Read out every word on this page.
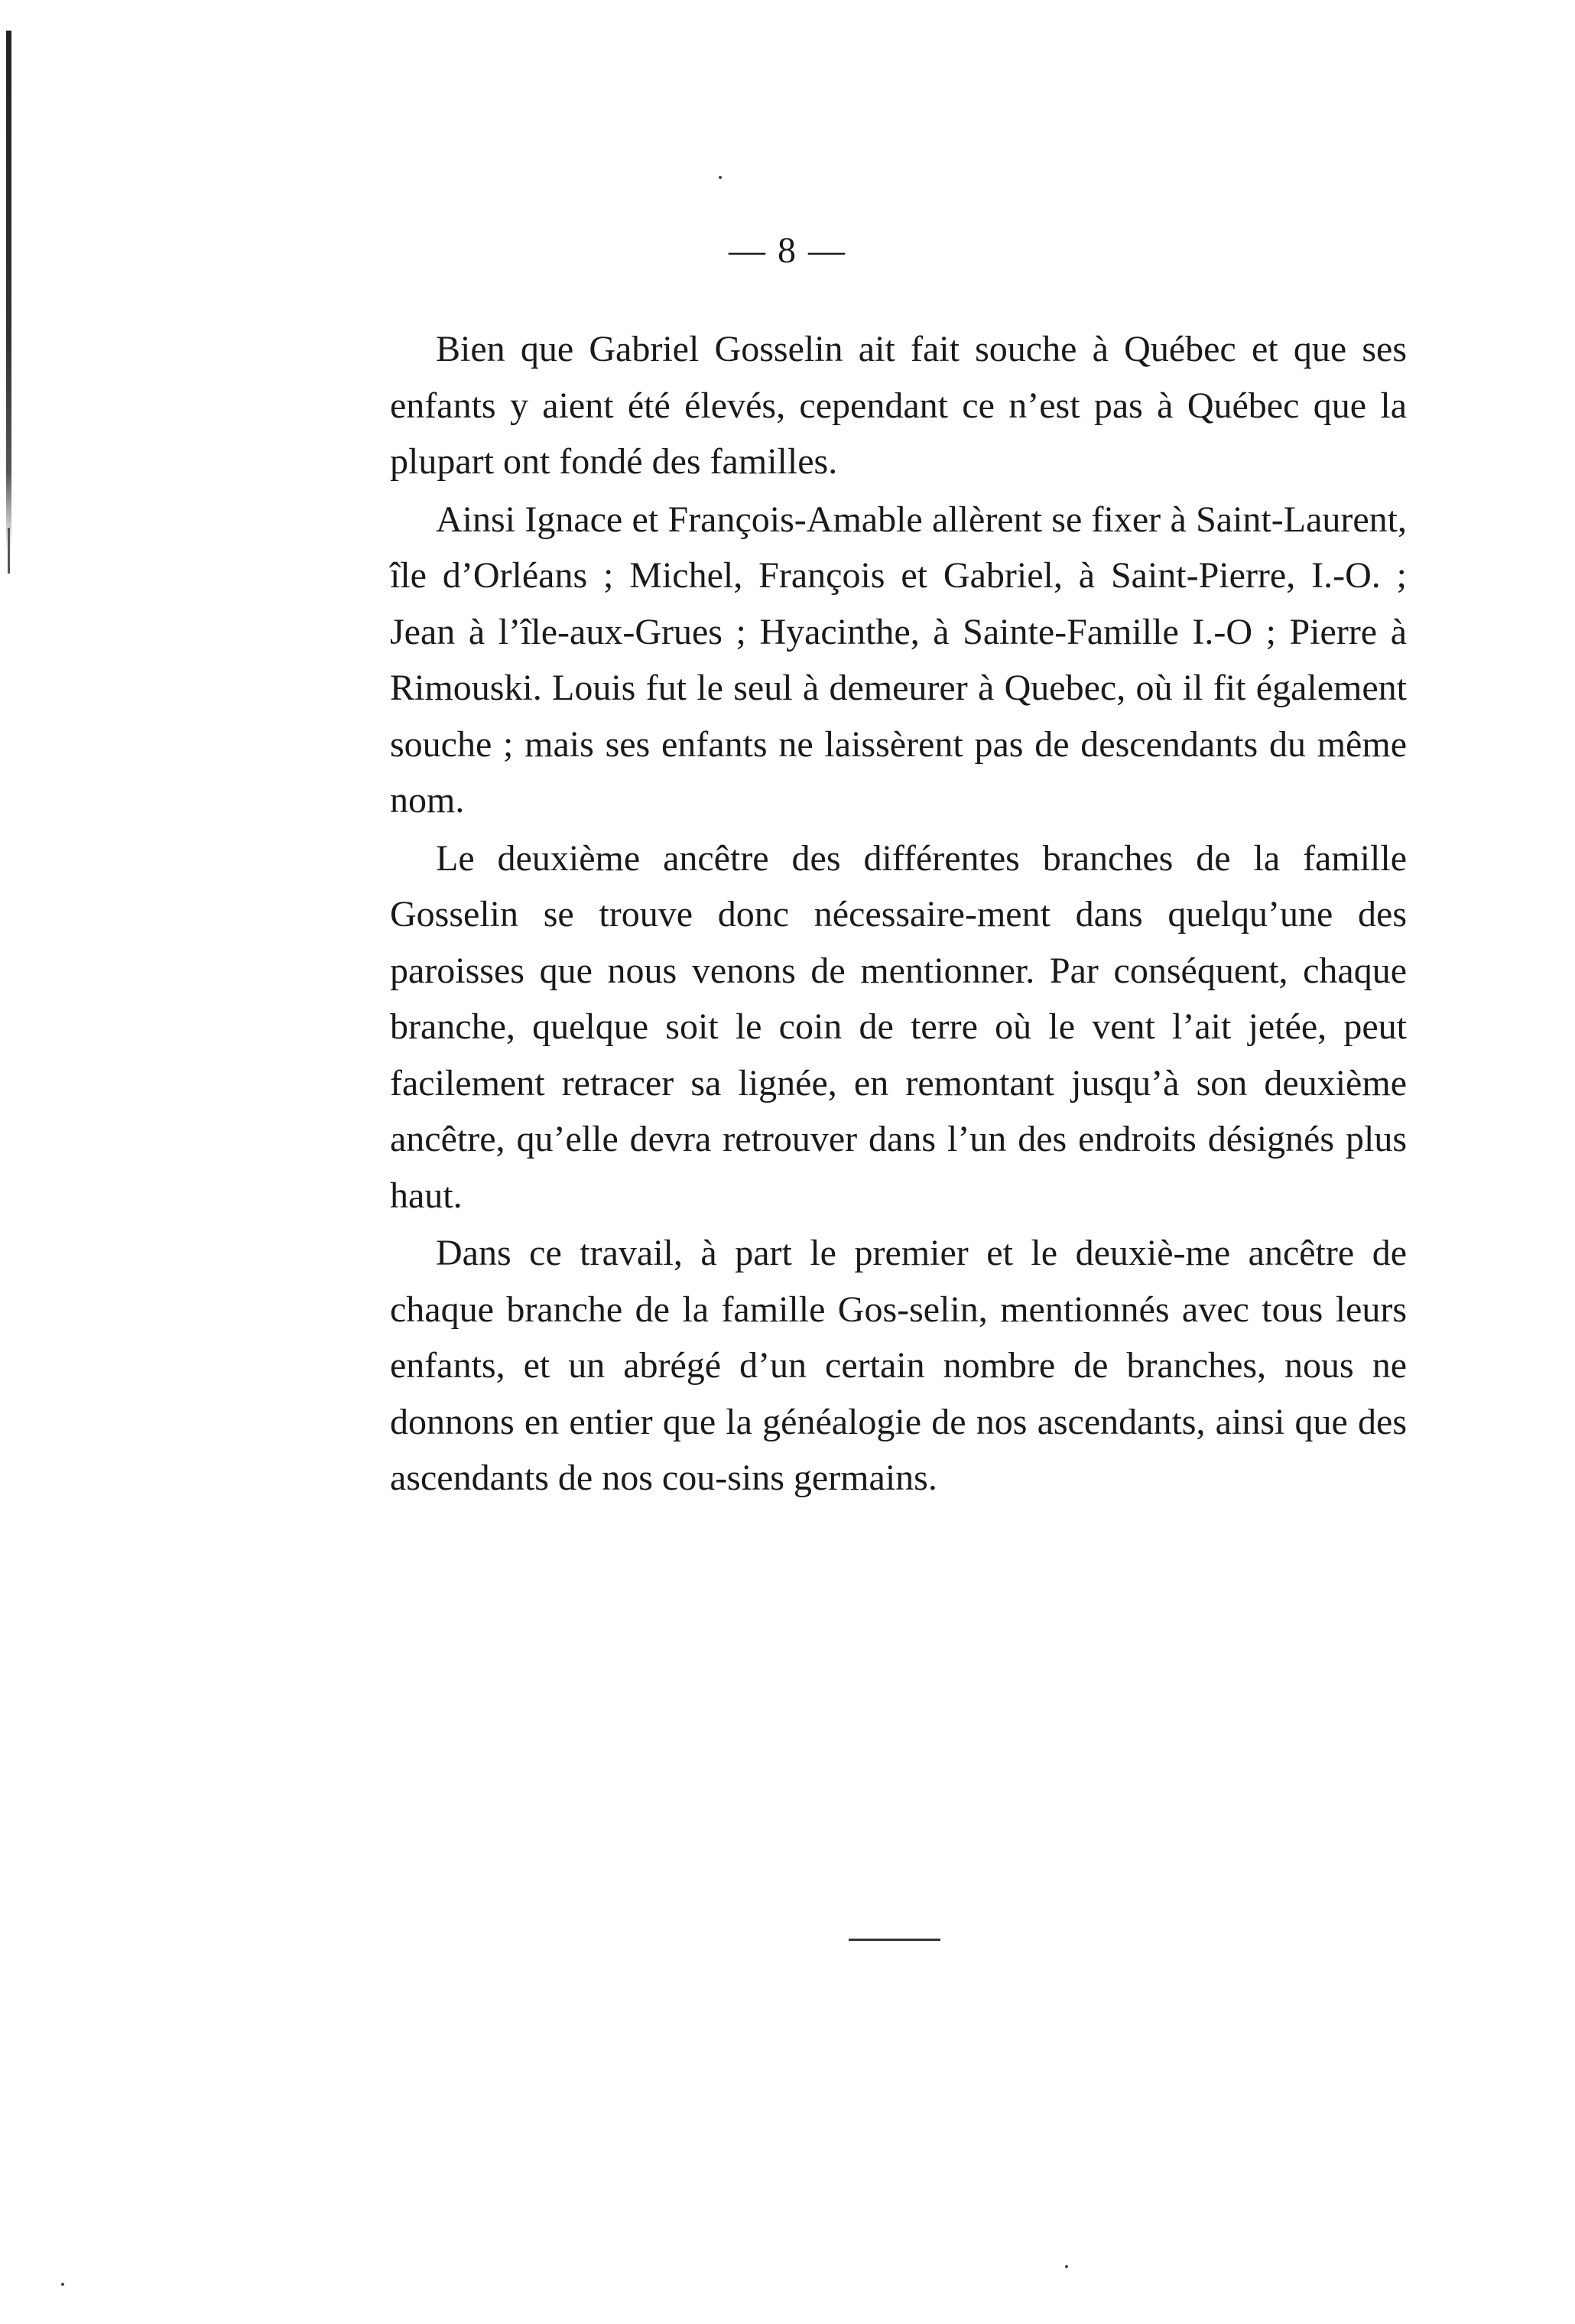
— 8 —

Bien que Gabriel Gosselin ait fait souche à Québec et que ses enfants y aient été élevés, cependant ce n’est pas à Québec que la plupart ont fondé des familles.

Ainsi Ignace et François-Amable allèrent se fixer à Saint-Laurent, île d’Orléans ; Michel, François et Gabriel, à Saint-Pierre, I.-O. ; Jean à l’île-aux-Grues ; Hyacinthe, à Sainte-Famille I.-O ; Pierre à Rimouski. Louis fut le seul à demeurer à Quebec, où il fit également souche ; mais ses enfants ne laissèrent pas de descendants du même nom.

Le deuxième ancêtre des différentes branches de la famille Gosselin se trouve donc nécessaire-ment dans quelqu’une des paroisses que nous venons de mentionner. Par conséquent, chaque branche, quelque soit le coin de terre où le vent l’ait jetée, peut facilement retracer sa lignée, en remontant jusqu’à son deuxième ancêtre, qu’elle devra retrouver dans l’un des endroits désignés plus haut.

Dans ce travail, à part le premier et le deuxiè-me ancêtre de chaque branche de la famille Gos-selin, mentionnés avec tous leurs enfants, et un abrégé d’un certain nombre de branches, nous ne donnons en entier que la généalogie de nos ascendants, ainsi que des ascendants de nos cou-sins germains.
